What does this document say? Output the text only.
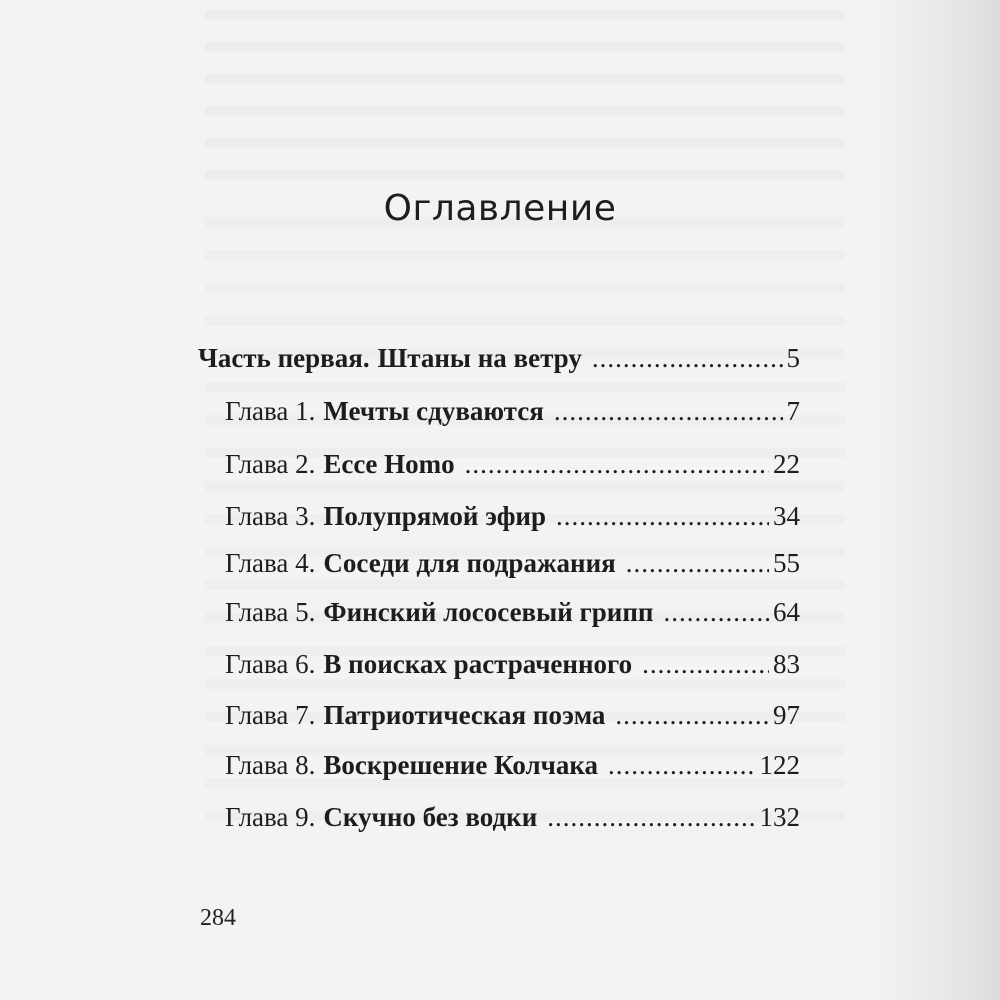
Оглавление
Часть первая. Штаны на ветру .....	5
Глава 1. Мечты сдуваются .....	7
Глава 2. Ecce Homo .....	22
Глава 3. Полупрямой эфир .....	34
Глава 4. Соседи для подражания .....	55
Глава 5. Финский лососевый грипп .....	64
Глава 6. В поисках растраченного .....	83
Глава 7. Патриотическая поэма .....	97
Глава 8. Воскрешение Колчака .....	122
Глава 9. Скучно без водки .....	132
284
